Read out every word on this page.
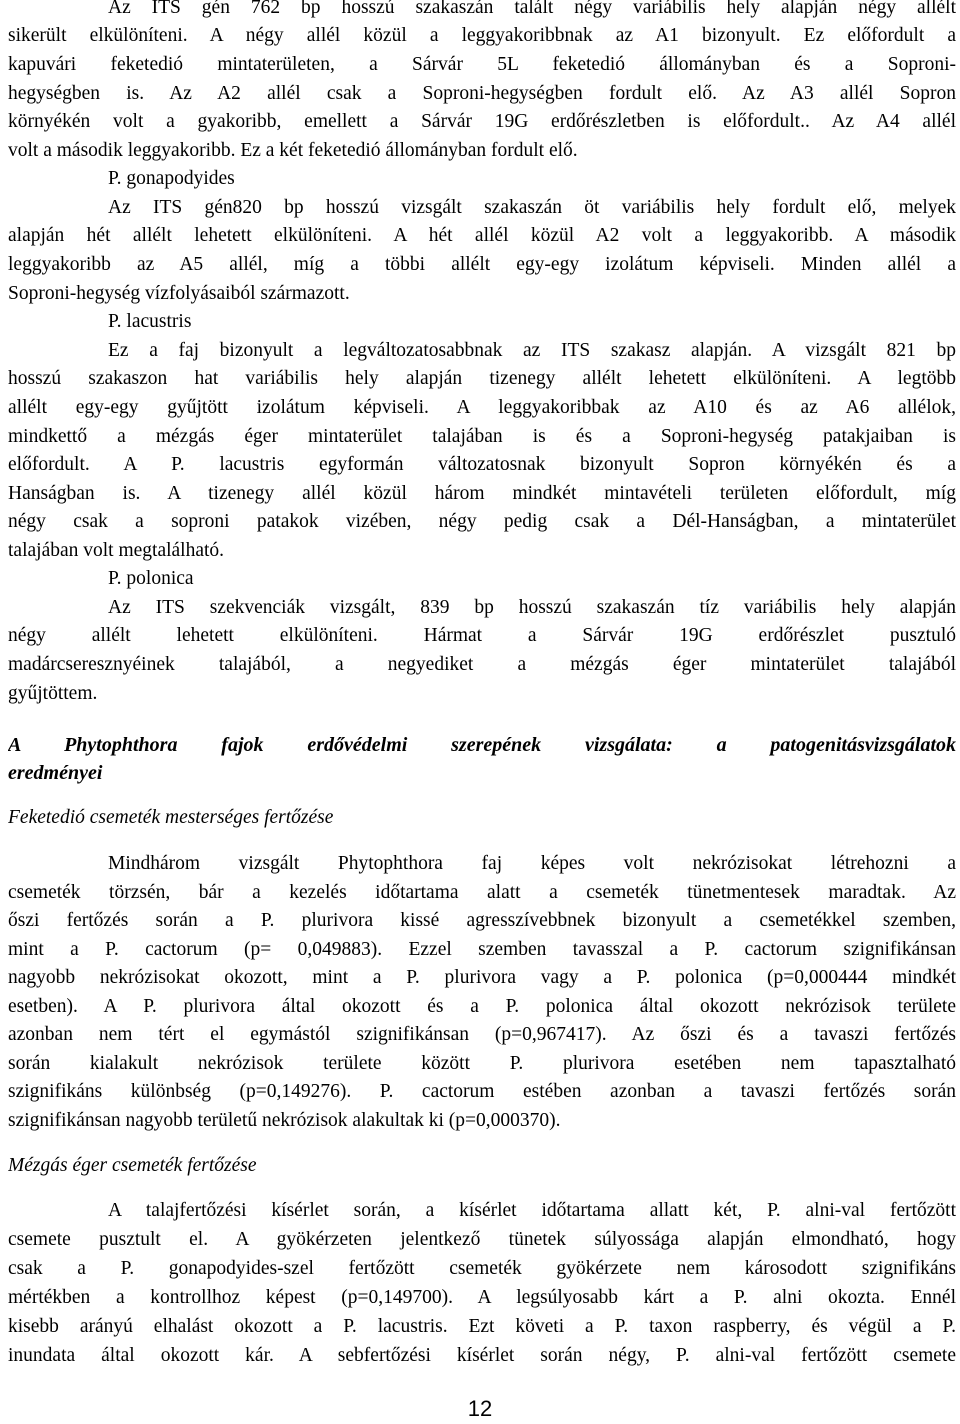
Az ITS gén 762 bp hosszú szakaszán talált négy variábilis hely alapján négy allélt
sikerült elkülöníteni. A négy allél közül a leggyakoribbnak az A1 bizonyult. Ez előfordult a
kapuvári feketedió mintaterületen, a Sárvár 5L feketedió állományban és a Soproni-
hegységben is. Az A2 allél csak a Soproni-hegységben fordult elő. Az A3 allél Sopron
környékén volt a gyakoribb, emellett a Sárvár 19G erdőrészletben is előfordult.. Az A4 allél
volt a második leggyakoribb. Ez a két feketedió állományban fordult elő.
P. gonapodyides
Az ITS gén820 bp hosszú vizsgált szakaszán öt variábilis hely fordult elő, melyek
alapján hét allélt lehetett elkülöníteni. A hét allél közül A2 volt a leggyakoribb. A második
leggyakoribb az A5 allél, míg a többi allélt egy-egy izolátum képviseli. Minden allél a
Soproni-hegység vízfolyásaiból származott.
P. lacustris
Ez a faj bizonyult a legváltozatosabbnak az ITS szakasz alapján. A vizsgált 821 bp
hosszú szakaszon hat variábilis hely alapján tizenegy allélt lehetett elkülöníteni. A legtöbb
allélt egy-egy gyűjtött izolátum képviseli. A leggyakoribbak az A10 és az A6 allélok,
mindkettő a mézgás éger mintaterület talajában is és a Soproni-hegység patakjaiban is
előfordult. A P. lacustris egyformán változatosnak bizonyult Sopron környékén és a
Hanságban is. A tizenegy allél közül három mindkét mintavételi területen előfordult, míg
négy csak a soproni patakok vizében, négy pedig csak a Dél-Hanságban, a mintaterület
talajában volt megtalálható.
P. polonica
Az ITS szekvenciák vizsgált, 839 bp hosszú szakaszán tíz variábilis hely alapján
négy allélt lehetett elkülöníteni. Hármat a Sárvár 19G erdőrészlet pusztuló
madárcseresznyéinek talajából, a negyediket a mézgás éger mintaterület talajából
gyűjtöttem.
A Phytophthora fajok erdővédelmi szerepének vizsgálata: a patogenitásvizsgálatok
eredményei
Feketedió csemeték mesterséges fertőzése
Mindhárom vizsgált Phytophthora faj képes volt nekrózisokat létrehozni a
csemeték törzsén, bár a kezelés időtartama alatt a csemeték tünetmentesek maradtak. Az
őszi fertőzés során a P. plurivora kissé agresszívebbnek bizonyult a csemetékkel szemben,
mint a P. cactorum (p= 0,049883). Ezzel szemben tavasszal a P. cactorum szignifikánsan
nagyobb nekrózisokat okozott, mint a P. plurivora vagy a P. polonica (p=0,000444 mindkét
esetben). A P. plurivora által okozott és a P. polonica által okozott nekrózisok területe
azonban nem tért el egymástól szignifikánsan (p=0,967417). Az őszi és a tavaszi fertőzés
során kialakult nekrózisok területe között P. plurivora esetében nem tapasztalható
szignifikáns különbség (p=0,149276). P. cactorum estében azonban a tavaszi fertőzés során
szignifikánsan nagyobb területű nekrózisok alakultak ki (p=0,000370).
Mézgás éger csemeték fertőzése
A talajfertőzési kísérlet során, a kísérlet időtartama allatt két, P. alni-val fertőzött
csemete pusztult el. A gyökérzeten jelentkező tünetek súlyossága alapján elmondható, hogy
csak a P. gonapodyides-szel fertőzött csemeték gyökérzete nem károsodott szignifikáns
mértékben a kontrollhoz képest (p=0,149700). A legsúlyosabb kárt a P. alni okozta. Ennél
kisebb arányú elhalást okozott a P. lacustris. Ezt követi a P. taxon raspberry, és végül a P.
inundata által okozott kár. A sebfertőzési kísérlet során négy, P. alni-val fertőzött csemete
12
